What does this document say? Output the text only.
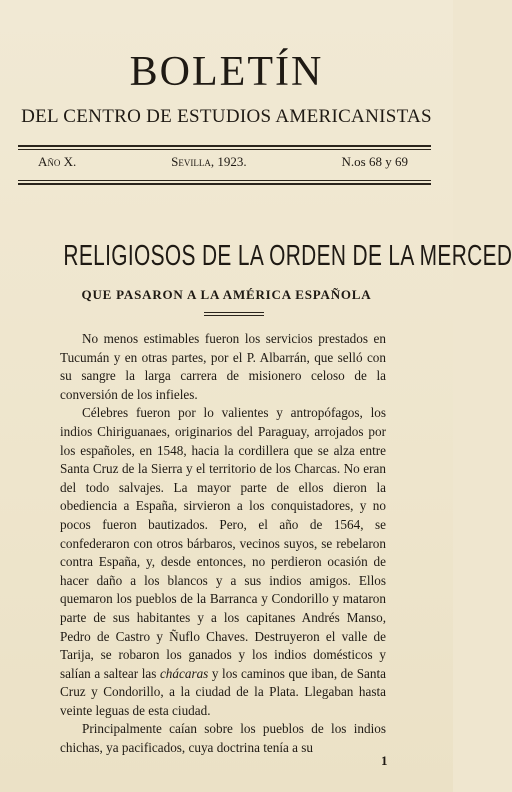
BOLETÍN
DEL CENTRO DE ESTUDIOS AMERICANISTAS
Año X.	Sevilla, 1923.	N.os 68 y 69
RELIGIOSOS DE LA ORDEN DE LA MERCED
QUE PASARON A LA AMÉRICA ESPAÑOLA

No menos estimables fueron los servicios prestados en Tucumán y en otras partes, por el P. Albarrán, que selló con su sangre la larga carrera de misionero celoso de la conversión de los infieles.

Célebres fueron por lo valientes y antropófagos, los indios Chiriguanaes, originarios del Paraguay, arrojados por los españoles, en 1548, hacia la cordillera que se alza entre Santa Cruz de la Sierra y el territorio de los Charcas. No eran del todo salvajes. La mayor parte de ellos dieron la obediencia a España, sirvieron a los conquistadores, y no pocos fueron bautizados. Pero, el año de 1564, se confederaron con otros bárbaros, vecinos suyos, se rebelaron contra España, y, desde entonces, no perdieron ocasión de hacer daño a los blancos y a sus indios amigos. Ellos quemaron los pueblos de la Barranca y Condorillo y mataron parte de sus habitantes y a los capitanes Andrés Manso, Pedro de Castro y Ñuflo Chaves. Destruyeron el valle de Tarija, se robaron los ganados y los indios domésticos y salían a saltear las chácaras y los caminos que iban, de Santa Cruz y Condorillo, a la ciudad de la Plata. Llegaban hasta veinte leguas de esta ciudad.

Principalmente caían sobre los pueblos de los indios chichas, ya pacificados, cuya doctrina tenía a su

1
